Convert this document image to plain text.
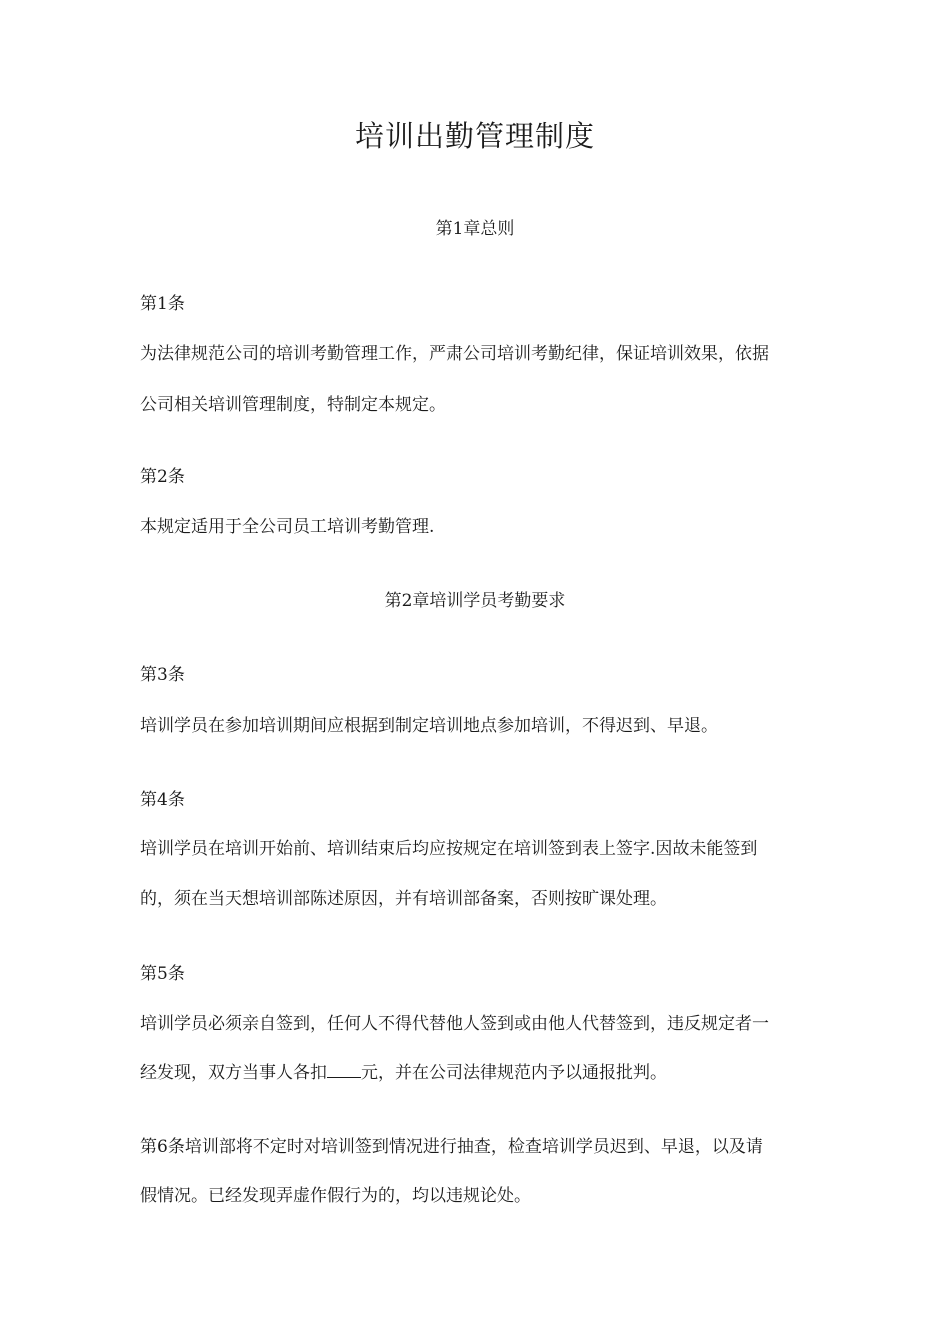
培训出勤管理制度
第1章总则

第1条

为法律规范公司的培训考勤管理工作，严肃公司培训考勤纪律，保证培训效果，依据

公司相关培训管理制度，特制定本规定。

第2条

本规定适用于全公司员工培训考勤管理.

第2章培训学员考勤要求

第3条

培训学员在参加培训期间应根据到制定培训地点参加培训，不得迟到、早退。

第4条

培训学员在培训开始前、培训结束后均应按规定在培训签到表上签字.因故未能签到

的，须在当天想培训部陈述原因，并有培训部备案，否则按旷课处理。

第5条

培训学员必须亲自签到，任何人不得代替他人签到或由他人代替签到，违反规定者一

经发现，双方当事人各扣 元，并在公司法律规范内予以通报批判。

第6条培训部将不定时对培训签到情况进行抽查，检查培训学员迟到、早退，以及请

假情况。已经发现弄虚作假行为的，均以违规论处。
